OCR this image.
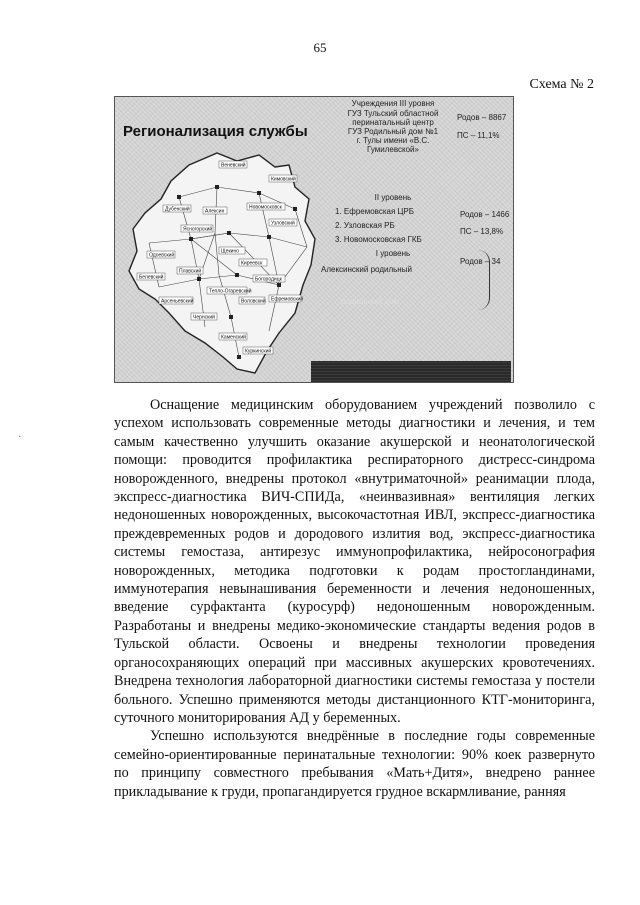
65
Схема № 2
Регионализация службы
Веневский
Кимовский
Дубенский	Алексин
Одоевский
Белевский
Арсеньевский
Чернский
Плавский
Узловский
Ефремовский
Воловский
Каменский
Куркинский
Тепло-Огаревский
Новомосковск
Щекино
Киреевск
Богородицк
Ясногорский
Учреждения III уровня
ГУЗ Тульский областной
перинатальный центр
ГУЗ Родильный дом №1
г. Тулы имени «В.С.
Гумилевской»
Родов – 8867
ПС – 11,1%
II уровень
1. Ефремовская ЦРБ
2. Узловская РБ
3. Новомосковская ГКБ
Родов – 1466
ПС – 13,8%
I уровень
Алексинский родильный
Родов – 34
родильный дом
·

Оснащение медицинским оборудованием учреждений позволило с успехом использовать современные методы диагностики и лечения, и тем самым качественно улучшить оказание акушерской и неонатологической помощи: проводится профилактика респираторного дистресс-синдрома новорожденного, внедрены протокол «внутриматочной» реанимации плода, экспресс-диагностика ВИЧ-СПИДа, «неинвазивная» вентиляция легких недоношенных новорожденных, высокочастотная ИВЛ, экспресс-диагностика преждевременных родов и дородового излития вод, экспресс-диагностика системы гемостаза, антирезус иммунопрофилактика, нейросонография новорожденных, методика подготовки к родам простогландинами, иммунотерапия невынашивания беременности и лечения недоношенных, введение сурфактанта (куросурф) недоношенным новорожденным. Разработаны и внедрены медико-экономические стандарты ведения родов в Тульской области. Освоены и внедрены технологии проведения органосохраняющих операций при массивных акушерских кровотечениях. Внедрена технология лабораторной диагностики системы гемостаза у постели больного. Успешно применяются методы дистанционного КТГ-мониторинга, суточного мониторирования АД у беременных.

Успешно используются внедрённые в последние годы современные семейно-ориентированные перинатальные технологии: 90% коек развернуто по принципу совместного пребывания «Мать+Дитя», внедрено раннее прикладывание к груди, пропагандируется грудное вскармливание, ранняя
